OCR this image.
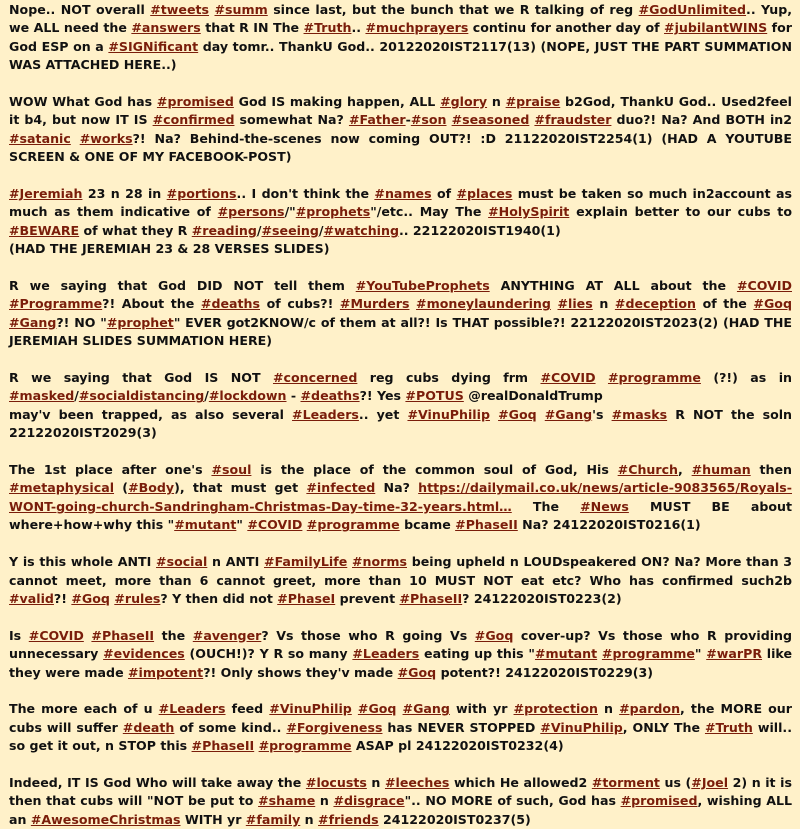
Nope.. NOT overall #tweets #summ since last, but the bunch that we R talking of reg #GodUnlimited.. Yup, we ALL need the #answers that R IN The #Truth.. #muchprayers continu for another day of #jubilantWINS for God ESP on a #SIGNificant day tomr.. ThankU God.. 20122020IST2117(13) (NOPE, JUST THE PART SUMMATION WAS ATTACHED HERE..)
WOW What God has #promised God IS making happen, ALL #glory n #praise b2God, ThankU God.. Used2feel it b4, but now IT IS #confirmed somewhat Na? #Father-#son #seasoned #fraudster duo?! Na? And BOTH in2 #satanic #works?! Na? Behind-the-scenes now coming OUT?! :D 21122020IST2254(1) (HAD A YOUTUBE SCREEN & ONE OF MY FACEBOOK-POST)
#Jeremiah 23 n 28 in #portions.. I don't think the #names of #places must be taken so much in2account as much as them indicative of #persons/"#prophets"/etc.. May The #HolySpirit explain better to our cubs to #BEWARE of what they R #reading/#seeing/#watching.. 22122020IST1940(1)
(HAD THE JEREMIAH 23 & 28 VERSES SLIDES)
R we saying that God DID NOT tell them #YouTubeProphets ANYTHING AT ALL about the #COVID #Programme?! About the #deaths of cubs?! #Murders #moneylaundering #lies n #deception of the #Goq #Gang?! NO "#prophet" EVER got2KNOW/c of them at all?! Is THAT possible?! 22122020IST2023(2) (HAD THE JEREMIAH SLIDES SUMMATION HERE)
R we saying that God IS NOT #concerned reg cubs dying frm #COVID #programme (?!) as in #masked/#socialdistancing/#lockdown - #deaths?! Yes #POTUS @realDonaldTrump
may'v been trapped, as also several #Leaders.. yet #VinuPhilip #Goq #Gang's #masks R NOT the soln 22122020IST2029(3)
The 1st place after one's #soul is the place of the common soul of God, His #Church, #human then #metaphysical (#Body), that must get #infected Na? https://dailymail.co.uk/news/article-9083565/Royals-WONT-going-church-Sandringham-Christmas-Day-time-32-years.html… The #News MUST BE about where+how+why this "#mutant" #COVID #programme bcame #PhaseII Na? 24122020IST0216(1)
Y is this whole ANTI #social n ANTI #FamilyLife #norms being upheld n LOUDspeakered ON? Na? More than 3 cannot meet, more than 6 cannot greet, more than 10 MUST NOT eat etc? Who has confirmed such2b #valid?! #Goq #rules? Y then did not #PhaseI prevent #PhaseII? 24122020IST0223(2)
Is #COVID #PhaseII the #avenger? Vs those who R going Vs #Goq cover-up? Vs those who R providing unnecessary #evidences (OUCH!)? Y R so many #Leaders eating up this "#mutant #programme" #warPR like they were made #impotent?! Only shows they'v made #Goq potent?! 24122020IST0229(3)
The more each of u #Leaders feed #VinuPhilip #Goq #Gang with yr #protection n #pardon, the MORE our cubs will suffer #death of some kind.. #Forgiveness has NEVER STOPPED #VinuPhilip, ONLY The #Truth will.. so get it out, n STOP this #PhaseII #programme ASAP pl 24122020IST0232(4)
Indeed, IT IS God Who will take away the #locusts n #leeches which He allowed2 #torment us (#Joel 2) n it is then that cubs will "NOT be put to #shame n #disgrace".. NO MORE of such, God has #promised, wishing ALL an #AwesomeChristmas WITH yr #family n #friends 24122020IST0237(5)
